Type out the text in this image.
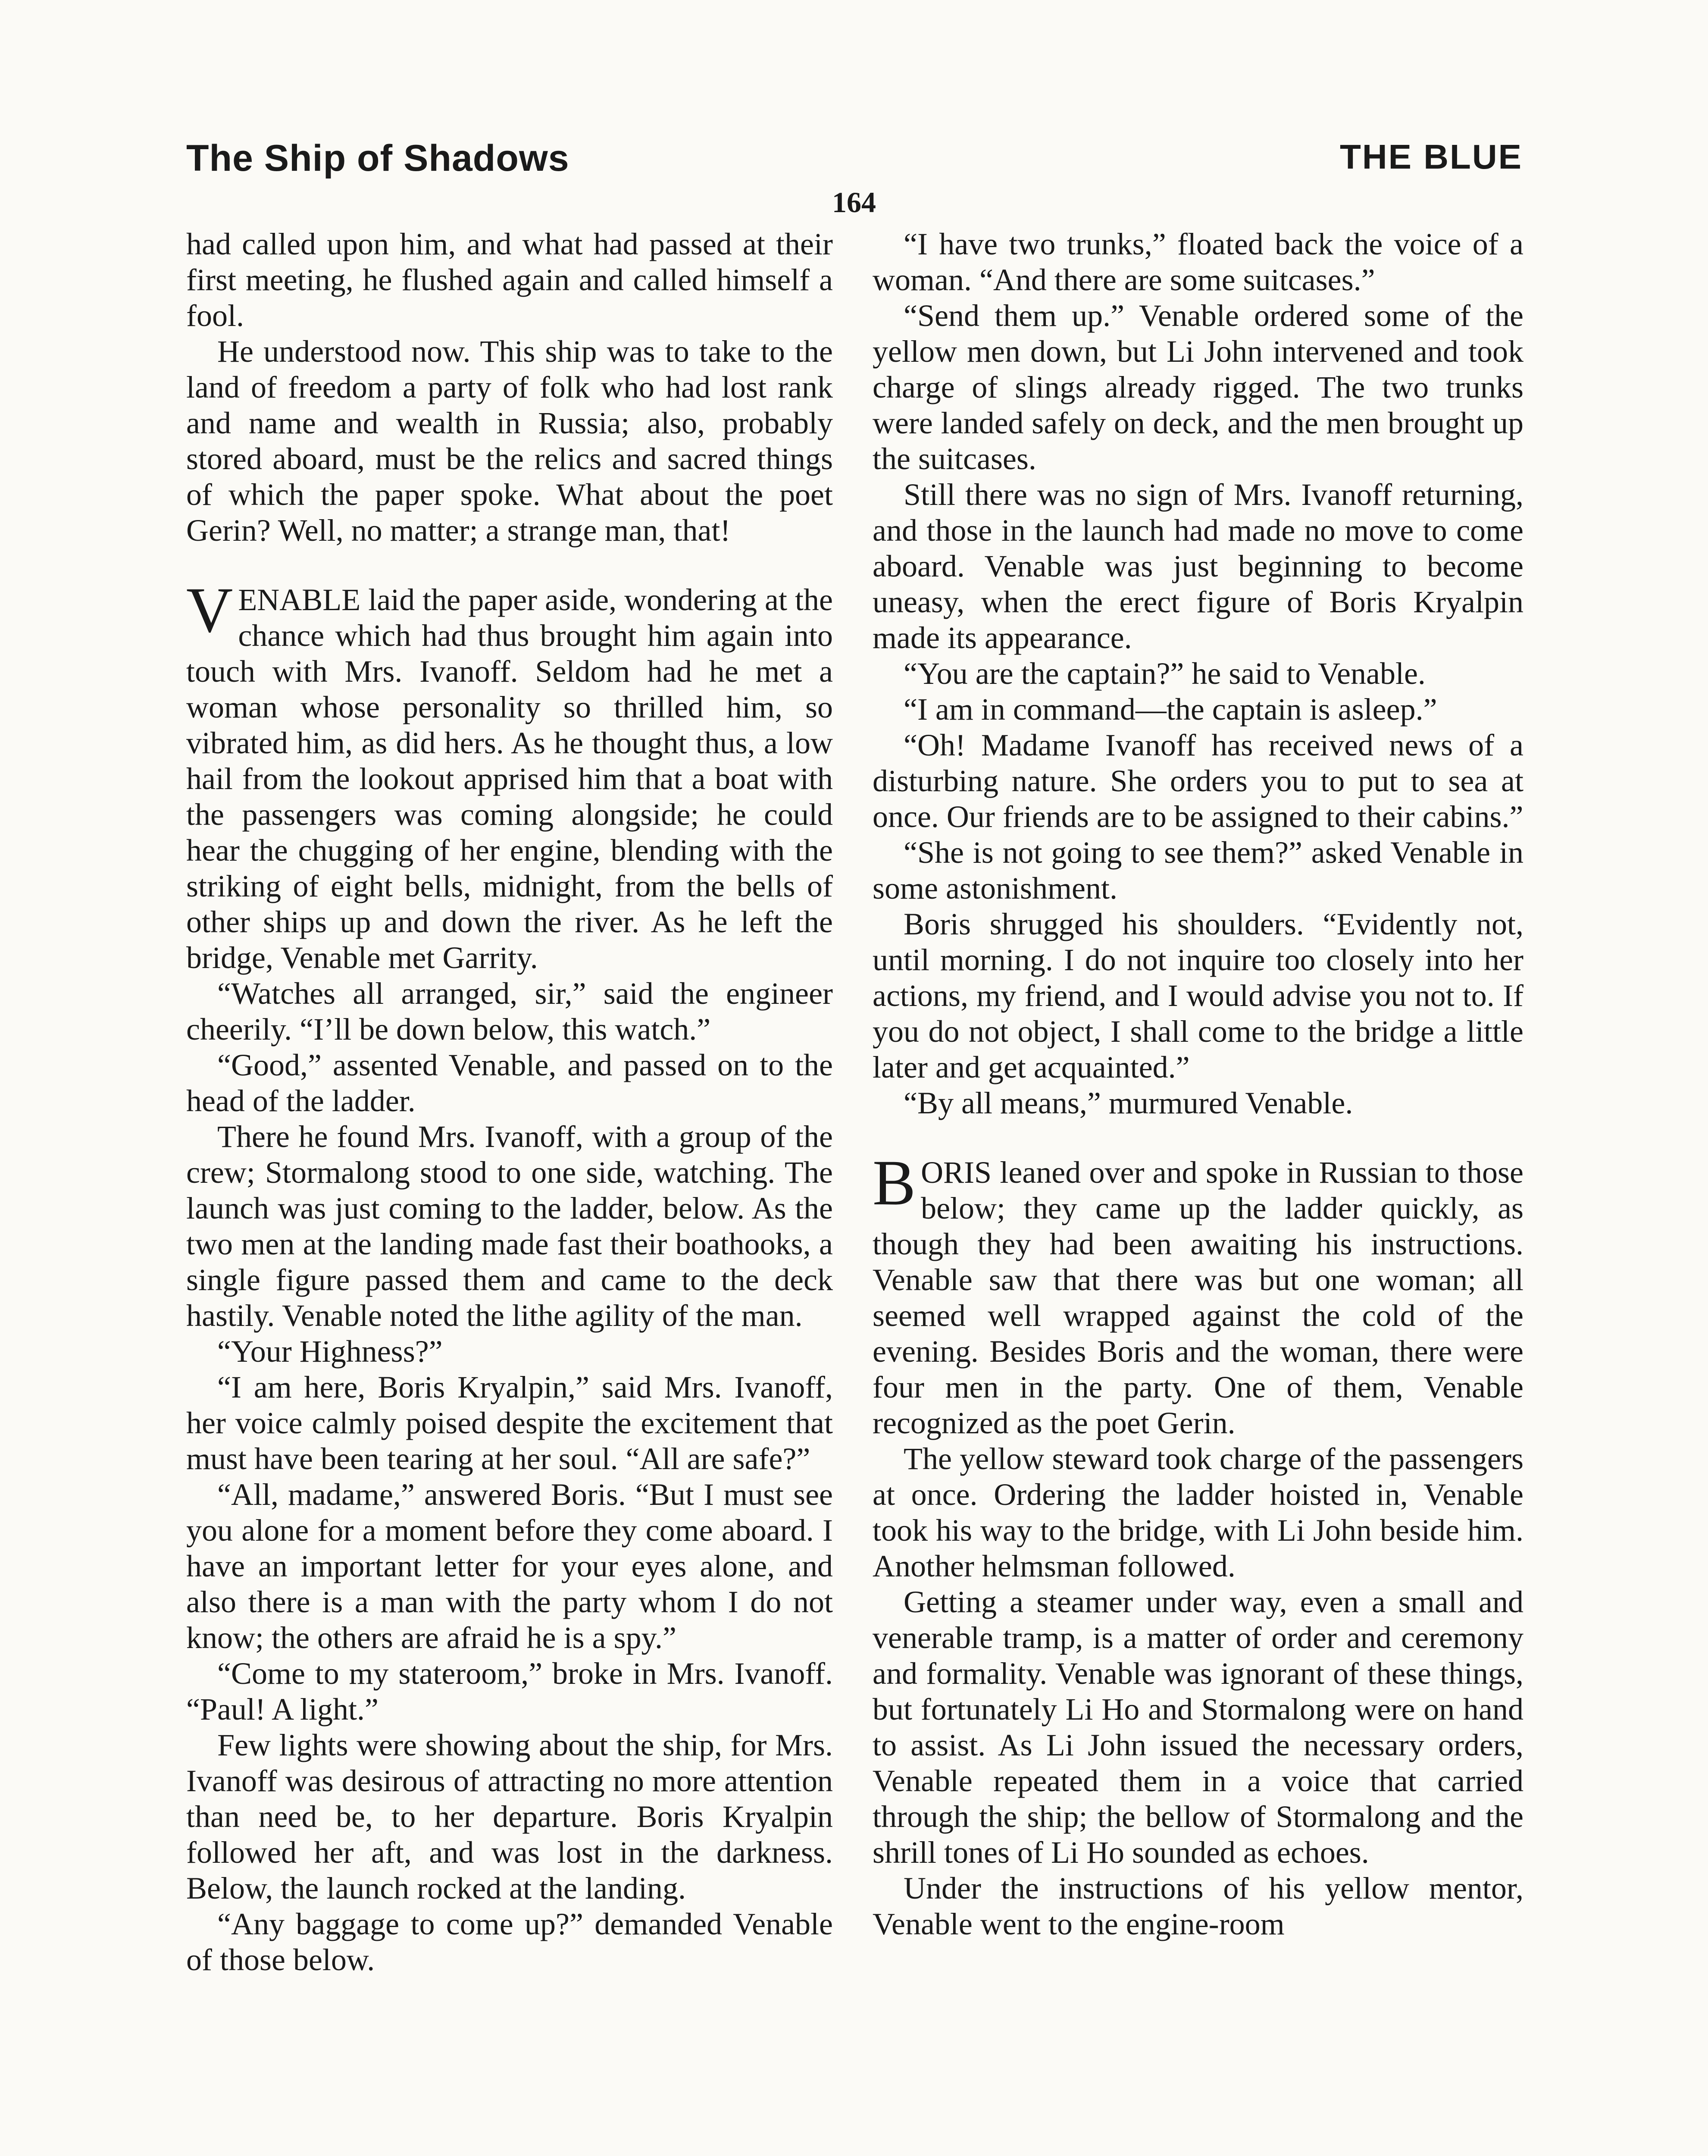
The Ship of Shadows	THE BLUE
164

had called upon him, and what had passed at their first meeting, he flushed again and called himself a fool.

He understood now. This ship was to take to the land of freedom a party of folk who had lost rank and name and wealth in Russia; also, probably stored aboard, must be the relics and sacred things of which the paper spoke. What about the poet Gerin? Well, no matter; a strange man, that!

VENABLE laid the paper aside, wondering at the chance which had thus brought him again into touch with Mrs. Ivanoff. Seldom had he met a woman whose personality so thrilled him, so vibrated him, as did hers. As he thought thus, a low hail from the lookout apprised him that a boat with the passengers was coming alongside; he could hear the chugging of her engine, blending with the striking of eight bells, midnight, from the bells of other ships up and down the river. As he left the bridge, Venable met Garrity.

“Watches all arranged, sir,” said the engineer cheerily. “I’ll be down below, this watch.”

“Good,” assented Venable, and passed on to the head of the ladder.

There he found Mrs. Ivanoff, with a group of the crew; Stormalong stood to one side, watching. The launch was just coming to the ladder, below. As the two men at the landing made fast their boathooks, a single figure passed them and came to the deck hastily. Venable noted the lithe agility of the man.

“Your Highness?”

“I am here, Boris Kryalpin,” said Mrs. Ivanoff, her voice calmly poised despite the excitement that must have been tearing at her soul. “All are safe?”

“All, madame,” answered Boris. “But I must see you alone for a moment before they come aboard. I have an important letter for your eyes alone, and also there is a man with the party whom I do not know; the others are afraid he is a spy.”

“Come to my stateroom,” broke in Mrs. Ivanoff. “Paul! A light.”

Few lights were showing about the ship, for Mrs. Ivanoff was desirous of attracting no more attention than need be, to her departure. Boris Kryalpin followed her aft, and was lost in the darkness. Below, the launch rocked at the landing.

“Any baggage to come up?” demanded Venable of those below.

“I have two trunks,” floated back the voice of a woman. “And there are some suitcases.”

“Send them up.” Venable ordered some of the yellow men down, but Li John intervened and took charge of slings already rigged. The two trunks were landed safely on deck, and the men brought up the suitcases.

Still there was no sign of Mrs. Ivanoff returning, and those in the launch had made no move to come aboard. Venable was just beginning to become uneasy, when the erect figure of Boris Kryalpin made its appearance.

“You are the captain?” he said to Venable.

“I am in command—the captain is asleep.”

“Oh! Madame Ivanoff has received news of a disturbing nature. She orders you to put to sea at once. Our friends are to be assigned to their cabins.”

“She is not going to see them?” asked Venable in some astonishment.

Boris shrugged his shoulders. “Evidently not, until morning. I do not inquire too closely into her actions, my friend, and I would advise you not to. If you do not object, I shall come to the bridge a little later and get acquainted.”

“By all means,” murmured Venable.

BORIS leaned over and spoke in Russian to those below; they came up the ladder quickly, as though they had been awaiting his instructions. Venable saw that there was but one woman; all seemed well wrapped against the cold of the evening. Besides Boris and the woman, there were four men in the party. One of them, Venable recognized as the poet Gerin.

The yellow steward took charge of the passengers at once. Ordering the ladder hoisted in, Venable took his way to the bridge, with Li John beside him. Another helmsman followed.

Getting a steamer under way, even a small and venerable tramp, is a matter of order and ceremony and formality. Venable was ignorant of these things, but fortunately Li Ho and Stormalong were on hand to assist. As Li John issued the necessary orders, Venable repeated them in a voice that carried through the ship; the bellow of Stormalong and the shrill tones of Li Ho sounded as echoes.

Under the instructions of his yellow mentor, Venable went to the engine-room
